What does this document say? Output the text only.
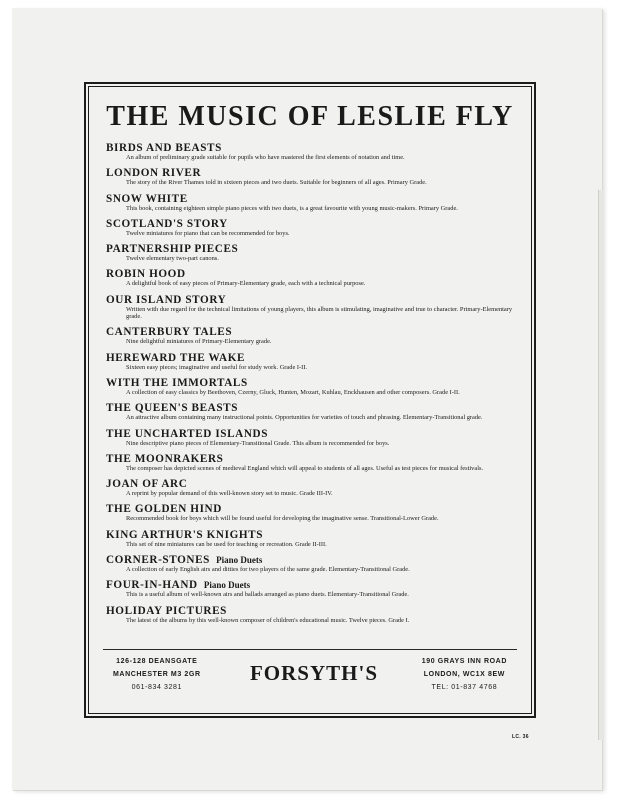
THE MUSIC OF LESLIE FLY
BIRDS AND BEASTS
An album of preliminary grade suitable for pupils who have mastered the first elements of notation and time.
LONDON RIVER
The story of the River Thames told in sixteen pieces and two duets. Suitable for beginners of all ages. Primary Grade.
SNOW WHITE
This book, containing eighteen simple piano pieces with two duets, is a great favourite with young music-makers. Primary Grade.
SCOTLAND'S STORY
Twelve miniatures for piano that can be recommended for boys.
PARTNERSHIP PIECES
Twelve elementary two-part canons.
ROBIN HOOD
A delightful book of easy pieces of Primary-Elementary grade, each with a technical purpose.
OUR ISLAND STORY
Written with due regard for the technical limitations of young players, this album is stimulating, imaginative and true to character. Primary-Elementary grade.
CANTERBURY TALES
Nine delightful miniatures of Primary-Elementary grade.
HEREWARD THE WAKE
Sixteen easy pieces; imaginative and useful for study work. Grade I-II.
WITH THE IMMORTALS
A collection of easy classics by Beethoven, Czerny, Gluck, Hunten, Mozart, Kuhlau, Enckhausen and other composers. Grade I-II.
THE QUEEN'S BEASTS
An attractive album containing many instructional points. Opportunities for varieties of touch and phrasing. Elementary-Transitional grade.
THE UNCHARTED ISLANDS
Nine descriptive piano pieces of Elementary-Transitional Grade. This album is recommended for boys.
THE MOONRAKERS
The composer has depicted scenes of medieval England which will appeal to students of all ages. Useful as test pieces for musical festivals.
JOAN OF ARC
A reprint by popular demand of this well-known story set to music. Grade III-IV.
THE GOLDEN HIND
Recommended book for boys which will be found useful for developing the imaginative sense. Transitional-Lower Grade.
KING ARTHUR'S KNIGHTS
This set of nine miniatures can be used for teaching or recreation. Grade II-III.
CORNER-STONES  Piano Duets
A collection of early English airs and ditties for two players of the same grade. Elementary-Transitional Grade.
FOUR-IN-HAND  Piano Duets
This is a useful album of well-known airs and ballads arranged as piano duets. Elementary-Transitional Grade.
HOLIDAY PICTURES
The latest of the albums by this well-known composer of children's educational music. Twelve pieces. Grade I.
126-128 DEANSGATE
MANCHESTER M3 2GR
061-834 3281
FORSYTH'S	190 GRAYS INN ROAD
LONDON, WC1X 8EW
TEL: 01-837 4768
LC. 36
